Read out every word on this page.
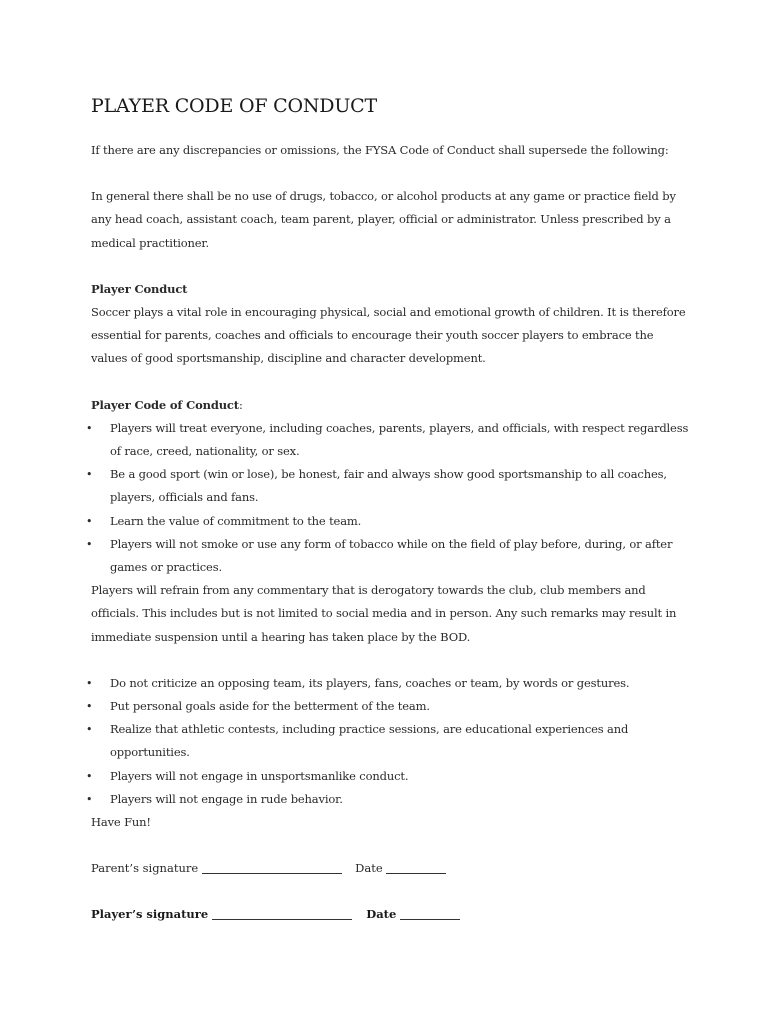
PLAYER CODE OF CONDUCT

If there are any discrepancies or omissions, the FYSA Code of Conduct shall supersede the following:

In general there shall be no use of drugs, tobacco, or alcohol products at any game or practice field by any head coach, assistant coach, team parent, player, official or administrator. Unless prescribed by a medical practitioner.

Player Conduct

Soccer plays a vital role in encouraging physical, social and emotional growth of children. It is therefore essential for parents, coaches and officials to encourage their youth soccer players to embrace the values of good sportsmanship, discipline and character development.

Player Code of Conduct:

• Players will treat everyone, including coaches, parents, players, and officials, with respect regardless of race, creed, nationality, or sex.
• Be a good sport (win or lose), be honest, fair and always show good sportsmanship to all coaches, players, officials and fans.
• Learn the value of commitment to the team.
• Players will not smoke or use any form of tobacco while on the field of play before, during, or after games or practices.

Players will refrain from any commentary that is derogatory towards the club, club members and officials. This includes but is not limited to social media and in person. Any such remarks may result in immediate suspension until a hearing has taken place by the BOD.

• Do not criticize an opposing team, its players, fans, coaches or team, by words or gestures.
• Put personal goals aside for the betterment of the team.
• Realize that athletic contests, including practice sessions, are educational experiences and opportunities.
• Players will not engage in unsportsmanlike conduct.
• Players will not engage in rude behavior.

Have Fun!

Parent’s signature	Date

Player’s signature	Date
